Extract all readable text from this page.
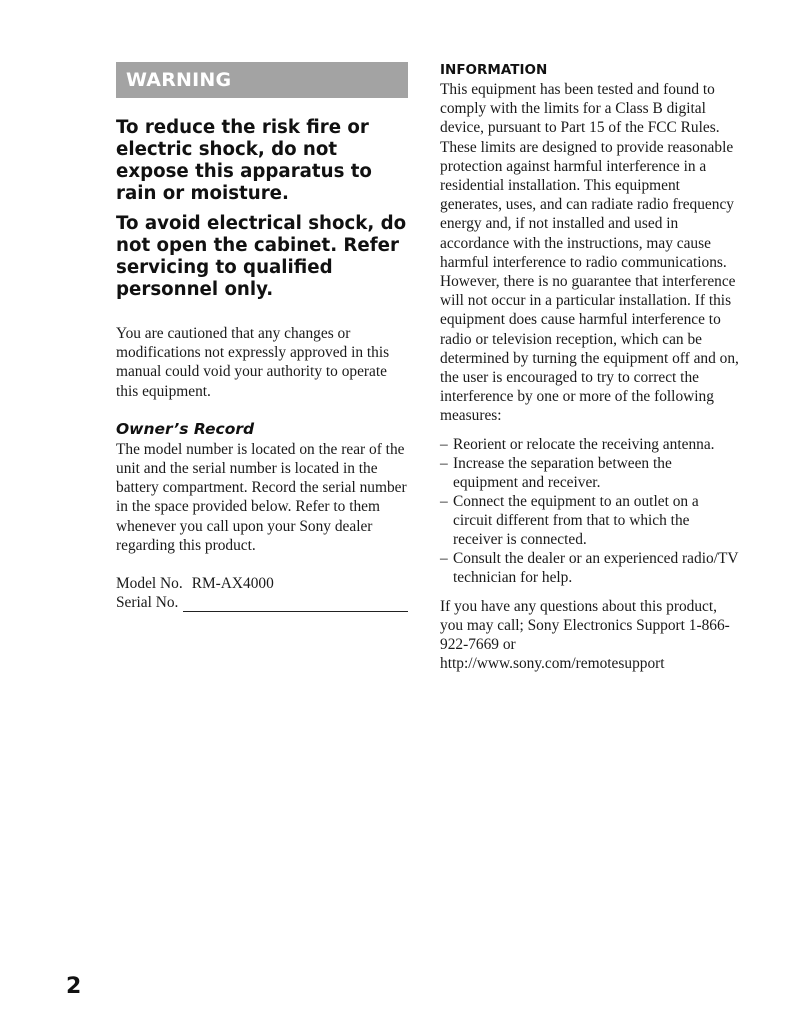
WARNING

To reduce the risk fire or electric shock, do not expose this apparatus to rain or moisture.

To avoid electrical shock, do not open the cabinet. Refer servicing to qualified personnel only.

You are cautioned that any changes or modifications not expressly approved in this manual could void your authority to operate this equipment.

Owner’s Record

The model number is located on the rear of the unit and the serial number is located in the battery compartment. Record the serial number in the space provided below. Refer to them whenever you call upon your Sony dealer regarding this product.

Model No. RM-AX4000
Serial No.
INFORMATION

This equipment has been tested and found to comply with the limits for a Class B digital device, pursuant to Part 15 of the FCC Rules. These limits are designed to provide reasonable protection against harmful interference in a residential installation. This equipment generates, uses, and can radiate radio frequency energy and, if not installed and used in accordance with the instructions, may cause harmful interference to radio communications. However, there is no guarantee that interference will not occur in a particular installation. If this equipment does cause harmful interference to radio or television reception, which can be determined by turning the equipment off and on, the user is encouraged to try to correct the interference by one or more of the following measures:

– Reorient or relocate the receiving antenna.
– Increase the separation between the equipment and receiver.
– Connect the equipment to an outlet on a circuit different from that to which the receiver is connected.
– Consult the dealer or an experienced radio/TV technician for help.

If you have any questions about this product, you may call; Sony Electronics Support 1-866-922-7669 or http://www.sony.com/remotesupport

2
